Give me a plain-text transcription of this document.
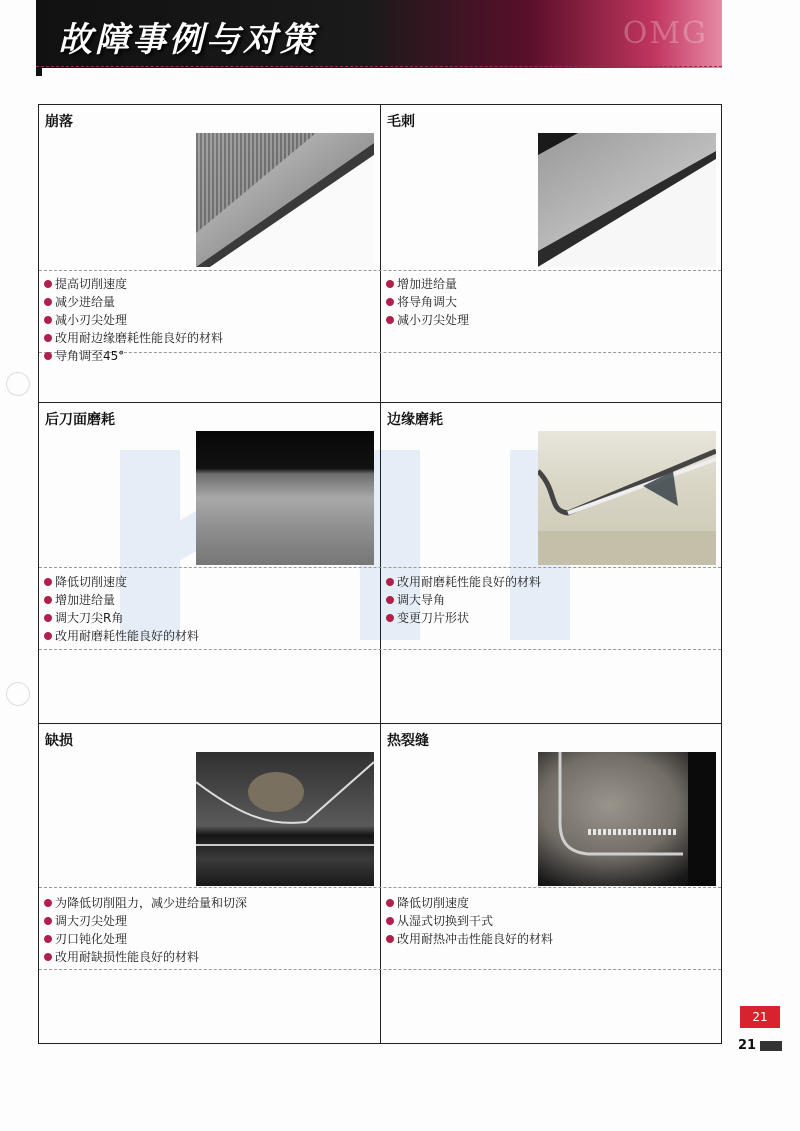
故障事例与对策	OMG
崩落
提高切削速度
减少进给量
减小刃尖处理
改用耐边缘磨耗性能良好的材料
导角调至45°
毛刺
增加进给量
将导角调大
减小刃尖处理
后刀面磨耗
降低切削速度
增加进给量
调大刀尖R角
改用耐磨耗性能良好的材料
边缘磨耗
改用耐磨耗性能良好的材料
调大导角
变更刀片形状
缺损
为降低切削阻力，减少进给量和切深
调大刃尖处理
刃口钝化处理
改用耐缺损性能良好的材料
热裂缝
降低切削速度
从湿式切换到干式
改用耐热冲击性能良好的材料
21
21
